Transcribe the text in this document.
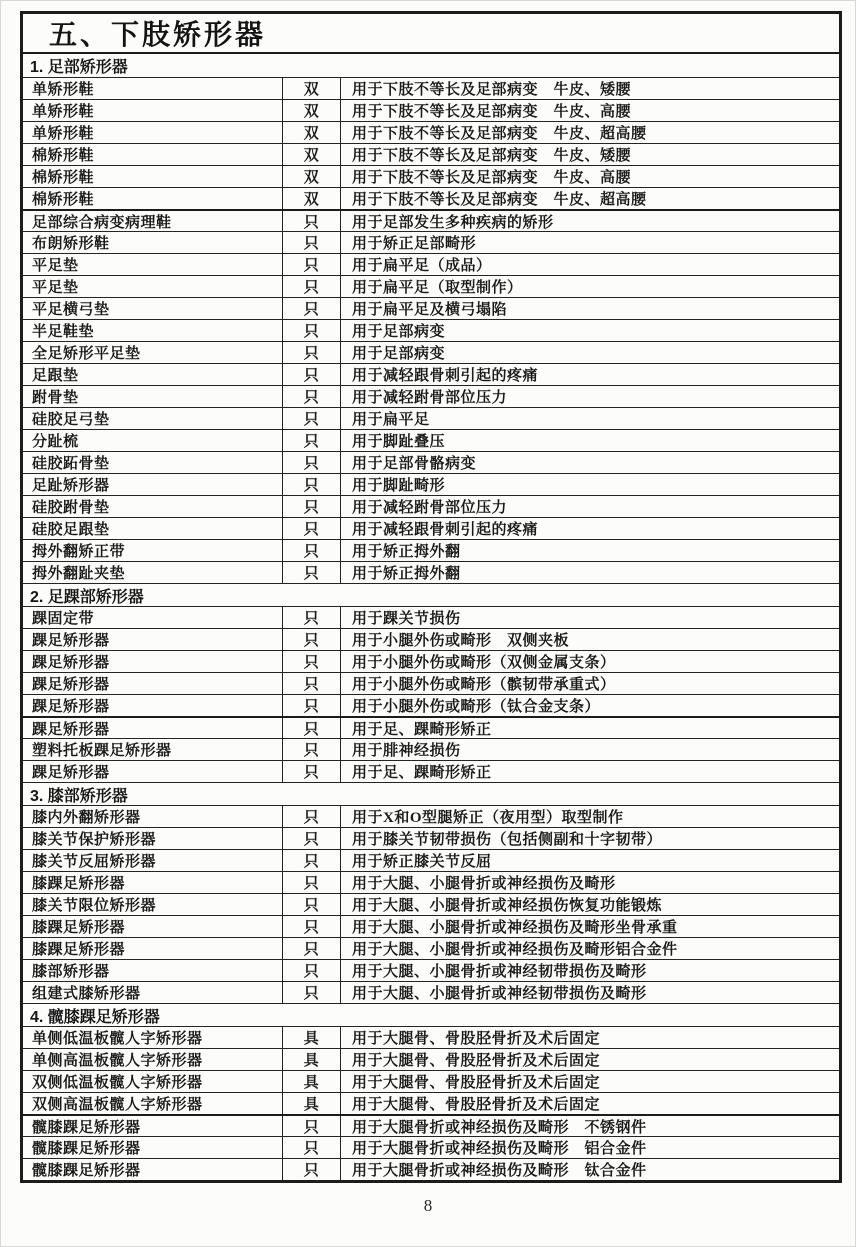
五、下肢矫形器
1. 足部矫形器
单矫形鞋	双	用于下肢不等长及足部病变　牛皮、矮腰
单矫形鞋	双	用于下肢不等长及足部病变　牛皮、高腰
单矫形鞋	双	用于下肢不等长及足部病变　牛皮、超高腰
棉矫形鞋	双	用于下肢不等长及足部病变　牛皮、矮腰
棉矫形鞋	双	用于下肢不等长及足部病变　牛皮、高腰
棉矫形鞋	双	用于下肢不等长及足部病变　牛皮、超高腰
足部综合病变病理鞋	只	用于足部发生多种疾病的矫形
布朗矫形鞋	只	用于矫正足部畸形
平足垫	只	用于扁平足（成品）
平足垫	只	用于扁平足（取型制作）
平足横弓垫	只	用于扁平足及横弓塌陷
半足鞋垫	只	用于足部病变
全足矫形平足垫	只	用于足部病变
足跟垫	只	用于减轻跟骨刺引起的疼痛
跗骨垫	只	用于减轻跗骨部位压力
硅胶足弓垫	只	用于扁平足
分趾梳	只	用于脚趾叠压
硅胶跖骨垫	只	用于足部骨骼病变
足趾矫形器	只	用于脚趾畸形
硅胶跗骨垫	只	用于减轻跗骨部位压力
硅胶足跟垫	只	用于减轻跟骨刺引起的疼痛
拇外翻矫正带	只	用于矫正拇外翻
拇外翻趾夹垫	只	用于矫正拇外翻
2. 足踝部矫形器
踝固定带	只	用于踝关节损伤
踝足矫形器	只	用于小腿外伤或畸形　双侧夹板
踝足矫形器	只	用于小腿外伤或畸形（双侧金属支条）
踝足矫形器	只	用于小腿外伤或畸形（髌韧带承重式）
踝足矫形器	只	用于小腿外伤或畸形（钛合金支条）
踝足矫形器	只	用于足、踝畸形矫正
塑料托板踝足矫形器	只	用于腓神经损伤
踝足矫形器	只	用于足、踝畸形矫正
3. 膝部矫形器
膝内外翻矫形器	只	用于X和O型腿矫正（夜用型）取型制作
膝关节保护矫形器	只	用于膝关节韧带损伤（包括侧副和十字韧带）
膝关节反屈矫形器	只	用于矫正膝关节反屈
膝踝足矫形器	只	用于大腿、小腿骨折或神经损伤及畸形
膝关节限位矫形器	只	用于大腿、小腿骨折或神经损伤恢复功能锻炼
膝踝足矫形器	只	用于大腿、小腿骨折或神经损伤及畸形坐骨承重
膝踝足矫形器	只	用于大腿、小腿骨折或神经损伤及畸形铝合金件
膝部矫形器	只	用于大腿、小腿骨折或神经韧带损伤及畸形
组建式膝矫形器	只	用于大腿、小腿骨折或神经韧带损伤及畸形
4. 髋膝踝足矫形器
单侧低温板髋人字矫形器	具	用于大腿骨、骨股胫骨折及术后固定
单侧高温板髋人字矫形器	具	用于大腿骨、骨股胫骨折及术后固定
双侧低温板髋人字矫形器	具	用于大腿骨、骨股胫骨折及术后固定
双侧高温板髋人字矫形器	具	用于大腿骨、骨股胫骨折及术后固定
髋膝踝足矫形器	只	用于大腿骨折或神经损伤及畸形　不锈钢件
髋膝踝足矫形器	只	用于大腿骨折或神经损伤及畸形　铝合金件
髋膝踝足矫形器	只	用于大腿骨折或神经损伤及畸形　钛合金件
8
